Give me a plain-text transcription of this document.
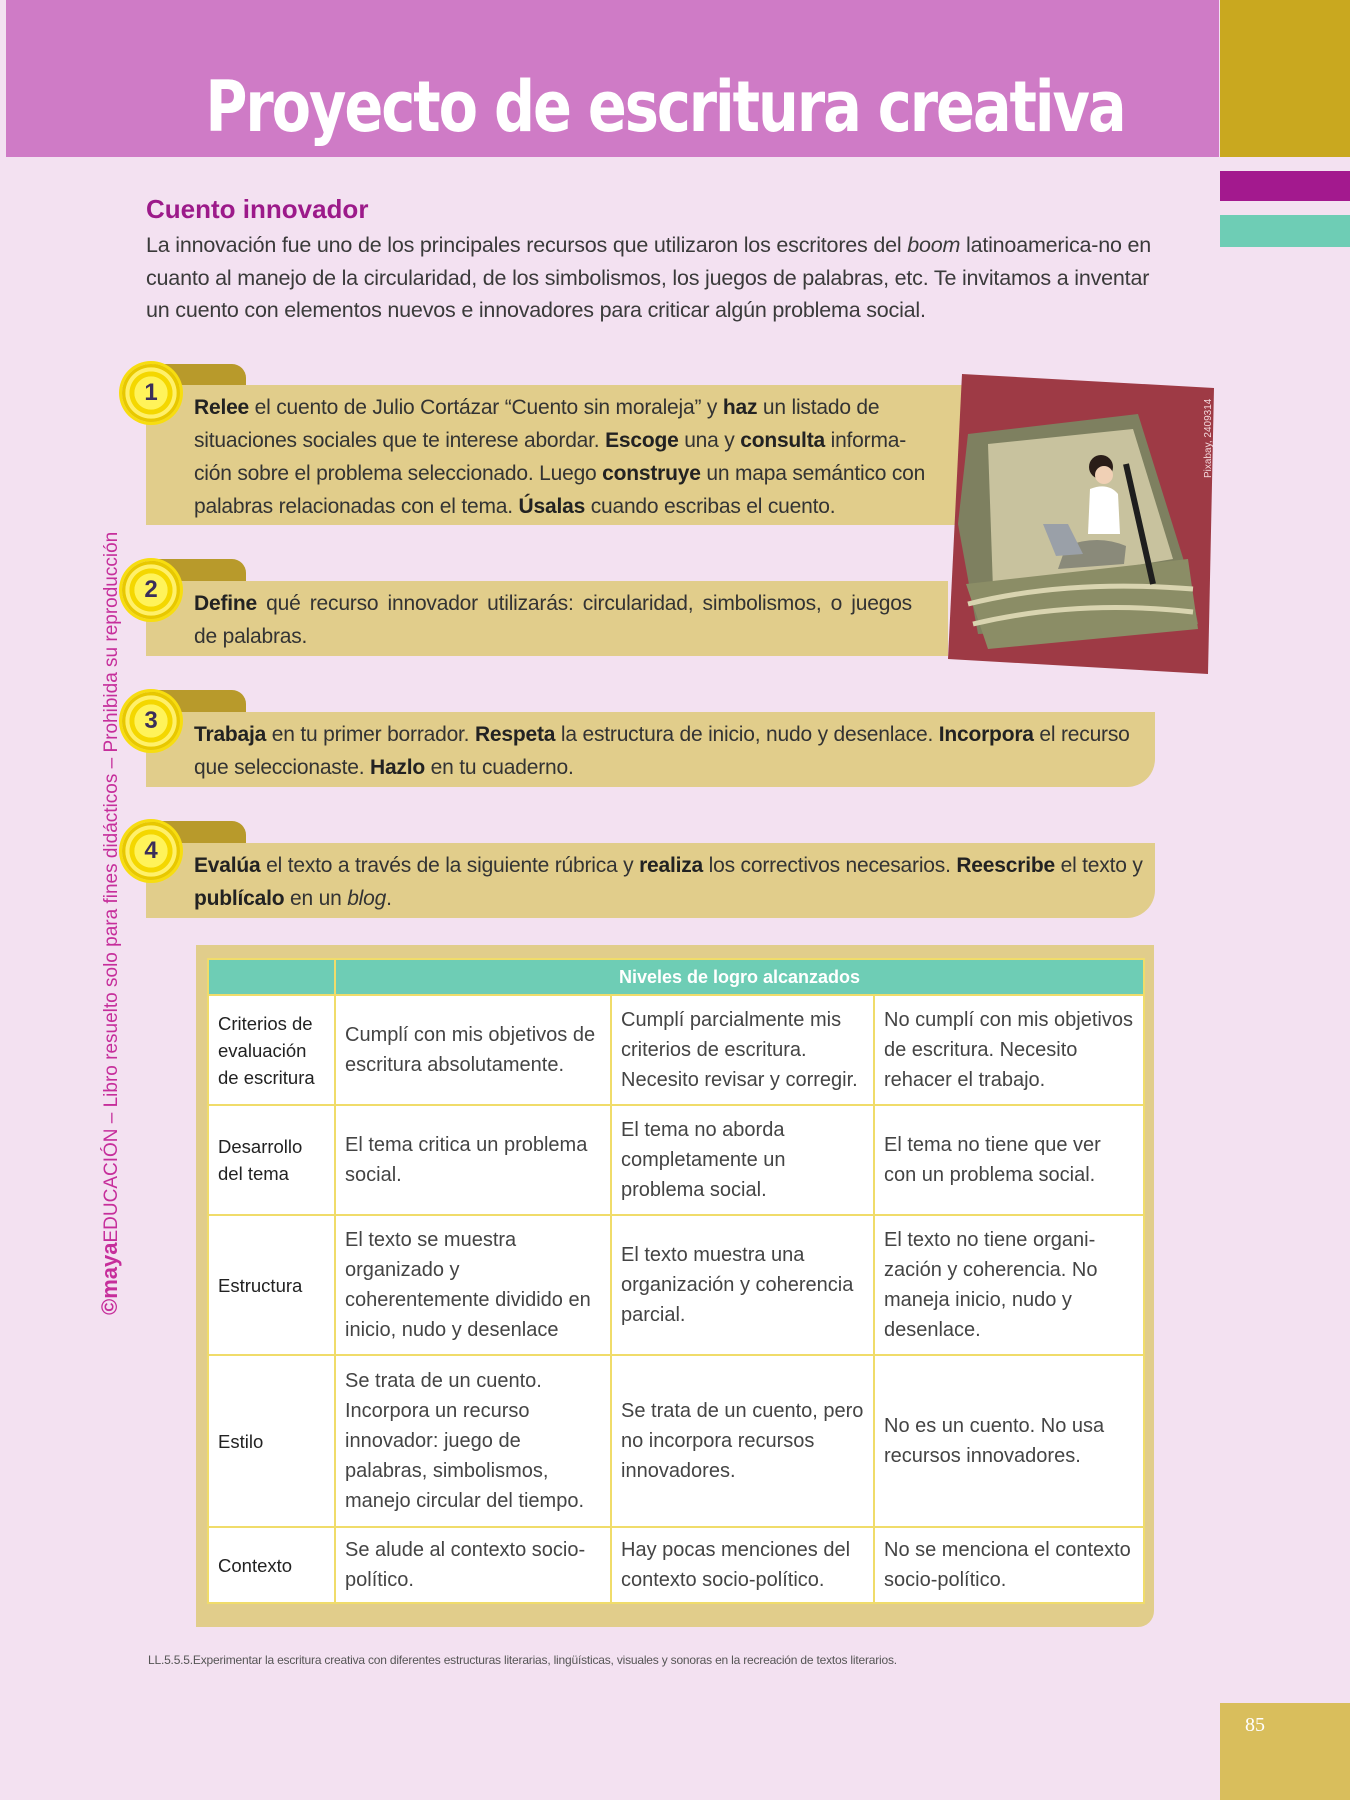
Proyecto de escritura creativa
©mayaEDUCACIÓN – Libro resuelto solo para fines didácticos – Prohibida su reproducción
Cuento innovador
La innovación fue uno de los principales recursos que utilizaron los escritores del boom latinoamerica-no en cuanto al manejo de la circularidad, de los simbolismos, los juegos de palabras, etc. Te invitamos a inventar un cuento con elementos nuevos e innovadores para criticar algún problema social.
1
Relee el cuento de Julio Cortázar “Cuento sin moraleja” y haz un listado de situaciones sociales que te interese abordar. Escoge una y consulta informa-ción sobre el problema seleccionado. Luego construye un mapa semántico con palabras relacionadas con el tema. Úsalas cuando escribas el cuento.
Pixabay, 2409314
2
Define qué recurso innovador utilizarás: circularidad, simbolismos, o juegos de palabras.
3
Trabaja en tu primer borrador. Respeta la estructura de inicio, nudo y desenlace. Incorpora el recurso que seleccionaste. Hazlo en tu cuaderno.
4
Evalúa el texto a través de la siguiente rúbrica y realiza los correctivos necesarios. Reescribe el texto y publícalo en un blog.
	Niveles de logro alcanzados		
Criterios de evaluación de escritura	Cumplí con mis objetivos de escritura absolutamente.	Cumplí parcialmente mis criterios de escritura. Necesito revisar y corregir.	No cumplí con mis objetivos de escritura. Necesito rehacer el trabajo.
Desarrollo del tema	El tema critica un problema social.	El tema no aborda completamente un problema social.	El tema no tiene que ver con un problema social.
Estructura	El texto se muestra organizado y coherentemente dividido en inicio, nudo y desenlace	El texto muestra una organización y coherencia parcial.	El texto no tiene organi-zación y coherencia. No maneja inicio, nudo y desenlace.
Estilo	Se trata de un cuento. Incorpora un recurso innovador: juego de palabras, simbolismos, manejo circular del tiempo.	Se trata de un cuento, pero no incorpora recursos innovadores.	No es un cuento. No usa recursos innovadores.
Contexto	Se alude al contexto socio-político.	Hay pocas menciones del contexto socio-político.	No se menciona el contexto socio-político.
LL.5.5.5.Experimentar la escritura creativa con diferentes estructuras literarias, lingüísticas, visuales y sonoras en la recreación de textos literarios.
85
